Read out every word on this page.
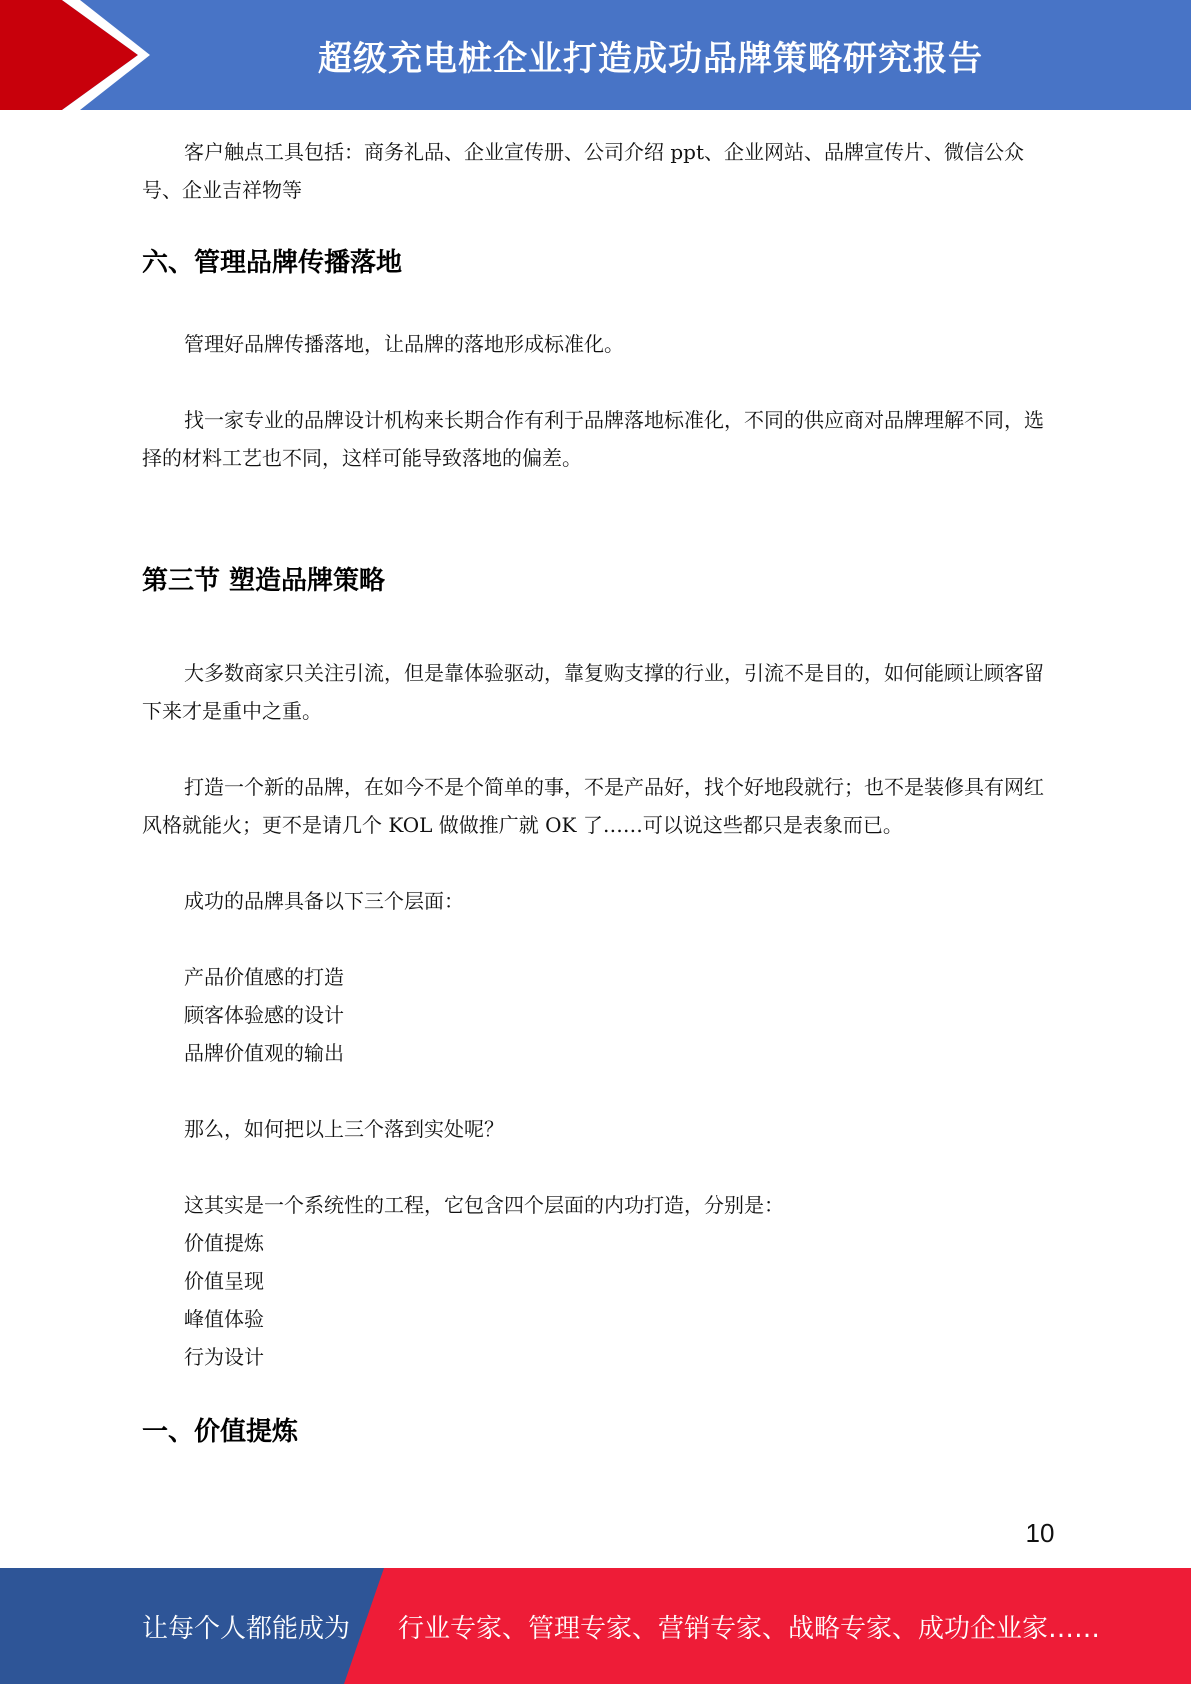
超级充电桩企业打造成功品牌策略研究报告

客户触点工具包括：商务礼品、企业宣传册、公司介绍 ppt、企业网站、品牌宣传片、微信公众号、企业吉祥物等

六、管理品牌传播落地

管理好品牌传播落地，让品牌的落地形成标准化。

找一家专业的品牌设计机构来长期合作有利于品牌落地标准化，不同的供应商对品牌理解不同，选择的材料工艺也不同，这样可能导致落地的偏差。

第三节 塑造品牌策略

大多数商家只关注引流，但是靠体验驱动，靠复购支撑的行业，引流不是目的，如何能顾让顾客留下来才是重中之重。

打造一个新的品牌，在如今不是个简单的事，不是产品好，找个好地段就行；也不是装修具有网红风格就能火；更不是请几个 KOL 做做推广就 OK 了……可以说这些都只是表象而已。

成功的品牌具备以下三个层面：

产品价值感的打造

顾客体验感的设计

品牌价值观的输出

那么，如何把以上三个落到实处呢？

这其实是一个系统性的工程，它包含四个层面的内功打造，分别是：

价值提炼

价值呈现

峰值体验

行为设计

一、价值提炼
10
让每个人都能成为 行业专家、管理专家、营销专家、战略专家、成功企业家……
